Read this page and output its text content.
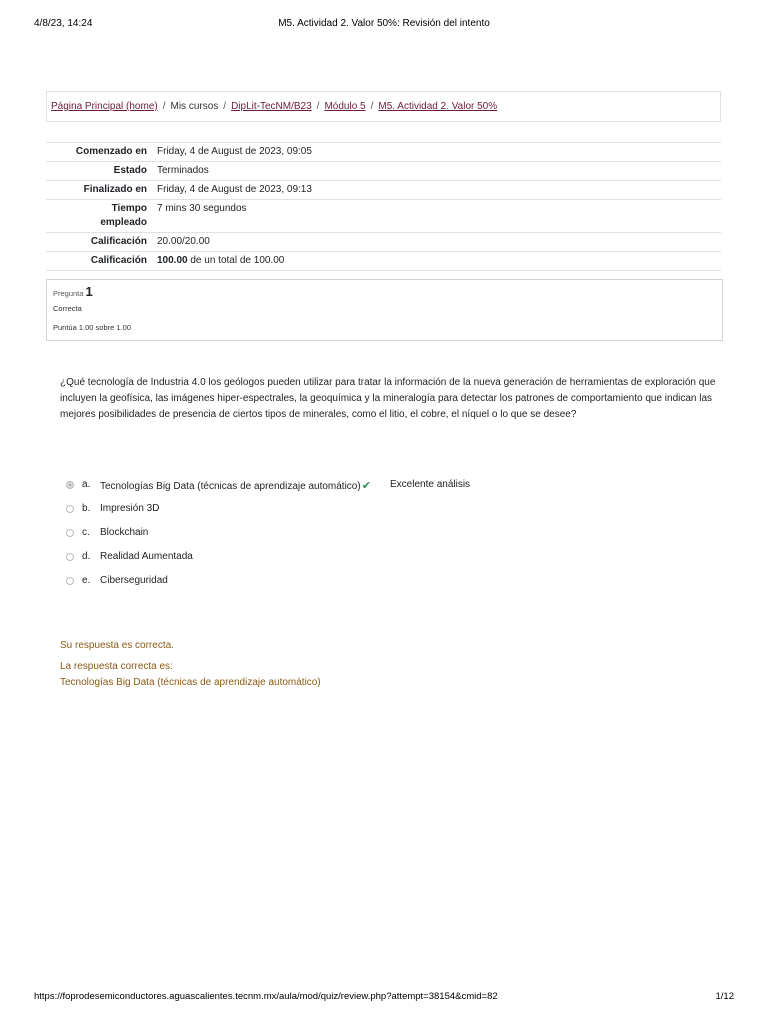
4/8/23, 14:24	M5. Actividad 2. Valor 50%: Revisión del intento
Página Principal (home) / Mis cursos / DipLit-TecNM/B23 / Módulo 5 / M5. Actividad 2. Valor 50%
Comenzado en	Friday, 4 de August de 2023, 09:05
Estado	Terminados
Finalizado en	Friday, 4 de August de 2023, 09:13
Tiempo
empleado	7 mins 30 segundos
Calificación	20.00/20.00
Calificación	100.00 de un total de 100.00
Pregunta 1
Correcta
Puntúa 1.00 sobre 1.00
¿Qué tecnología de Industria 4.0 los geólogos pueden utilizar para tratar la información de la nueva generación de herramientas de exploración que incluyen la geofísica, las imágenes hiper-espectrales, la geoquímica y la mineralogía para detectar los patrones de comportamiento que indican las mejores posibilidades de presencia de ciertos tipos de minerales, como el litio, el cobre, el níquel o lo que se desee?
a. Tecnologías Big Data (técnicas de aprendizaje automático)✔ Excelente análisis
b. Impresión 3D
c. Blockchain
d. Realidad Aumentada
e. Ciberseguridad
Su respuesta es correcta.
La respuesta correcta es:
Tecnologías Big Data (técnicas de aprendizaje automático)
https://foprodesemiconductores.aguascalientes.tecnm.mx/aula/mod/quiz/review.php?attempt=38154&cmid=82	1/12
